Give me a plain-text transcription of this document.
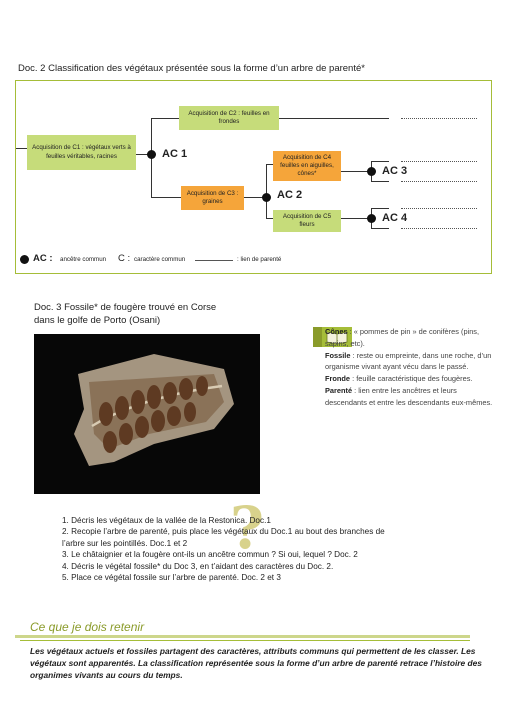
Doc. 2 Classification des végétaux présentée sous la forme d’un arbre de parenté*
Acquisition de C1 : végétaux verts à feuilles véritables, racines
Acquisition de C2 : feuilles en frondes
Acquisition de C3 : graines
Acquisition de C4 feuilles en aiguilles, cônes*
Acquisition de C5 fleurs
AC 1
AC 2
AC 3
AC 4
AC : ancêtre commun C : caractère commun	: lien de parenté
Doc. 3 Fossile* de fougère trouvé en Corse
dans le golfe de Porto (Osani)

Cônes : « pommes de pin » de conifères (pins, sapins, etc).

Fossile : reste ou empreinte, dans une roche, d’un organisme vivant ayant vécu dans le passé.

Fronde : feuille caractéristique des fougères.

Parenté : lien entre les ancêtres et leurs descendants et entre les descendants eux-mêmes.

?
1. Décris les végétaux de la vallée de la Restonica. Doc.1
2. Recopie l’arbre de parenté, puis place les végétaux du Doc.1 au bout des branches de
l’arbre sur les pointillés. Doc.1 et 2
3. Le châtaignier et la fougère ont-ils un ancêtre commun ? Si oui, lequel ? Doc. 2
4. Décris le végétal fossile* du Doc 3, en t’aidant des caractères du Doc. 2.
5. Place ce végétal fossile sur l’arbre de parenté. Doc. 2 et 3
Ce que je dois retenir
Les végétaux actuels et fossiles partagent des caractères, attributs communs qui permettent de les classer. Les végétaux sont apparentés. La classification représentée sous la forme d’un arbre de parenté retrace l’histoire des organimes vivants au cours du temps.
